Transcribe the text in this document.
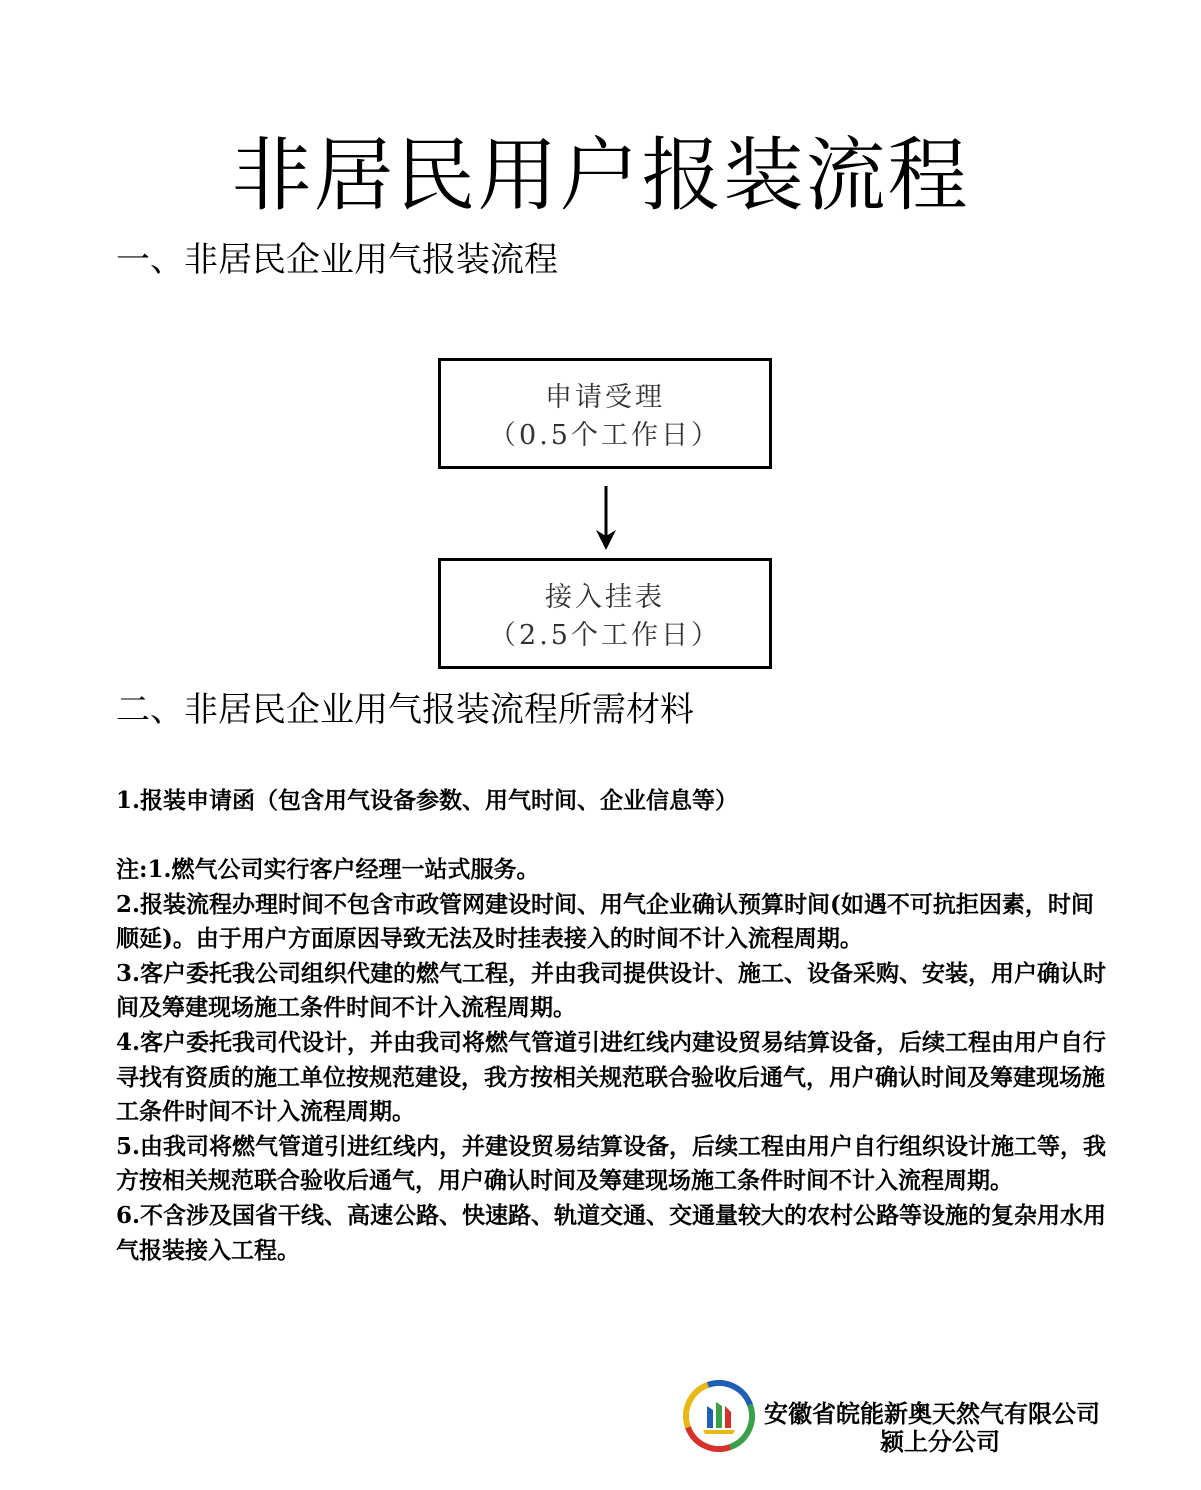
非居民用户报装流程
一、非居民企业用气报装流程
申请受理
（0.5个工作日）
接入挂表
（2.5个工作日）
二、非居民企业用气报装流程所需材料
1.报装申请函（包含用气设备参数、用气时间、企业信息等）

注:1.燃气公司实行客户经理一站式服务。

2.报装流程办理时间不包含市政管网建设时间、用气企业确认预算时间(如遇不可抗拒因素，时间顺延)。由于用户方面原因导致无法及时挂表接入的时间不计入流程周期。

3.客户委托我公司组织代建的燃气工程，并由我司提供设计、施工、设备采购、安装，用户确认时间及筹建现场施工条件时间不计入流程周期。

4.客户委托我司代设计，并由我司将燃气管道引进红线内建设贸易结算设备，后续工程由用户自行寻找有资质的施工单位按规范建设，我方按相关规范联合验收后通气，用户确认时间及筹建现场施工条件时间不计入流程周期。

5.由我司将燃气管道引进红线内，并建设贸易结算设备，后续工程由用户自行组织设计施工等，我方按相关规范联合验收后通气，用户确认时间及筹建现场施工条件时间不计入流程周期。

6.不含涉及国省干线、高速公路、快速路、轨道交通、交通量较大的农村公路等设施的复杂用水用气报装接入工程。

安徽省皖能新奥天然气有限公司
颍上分公司
